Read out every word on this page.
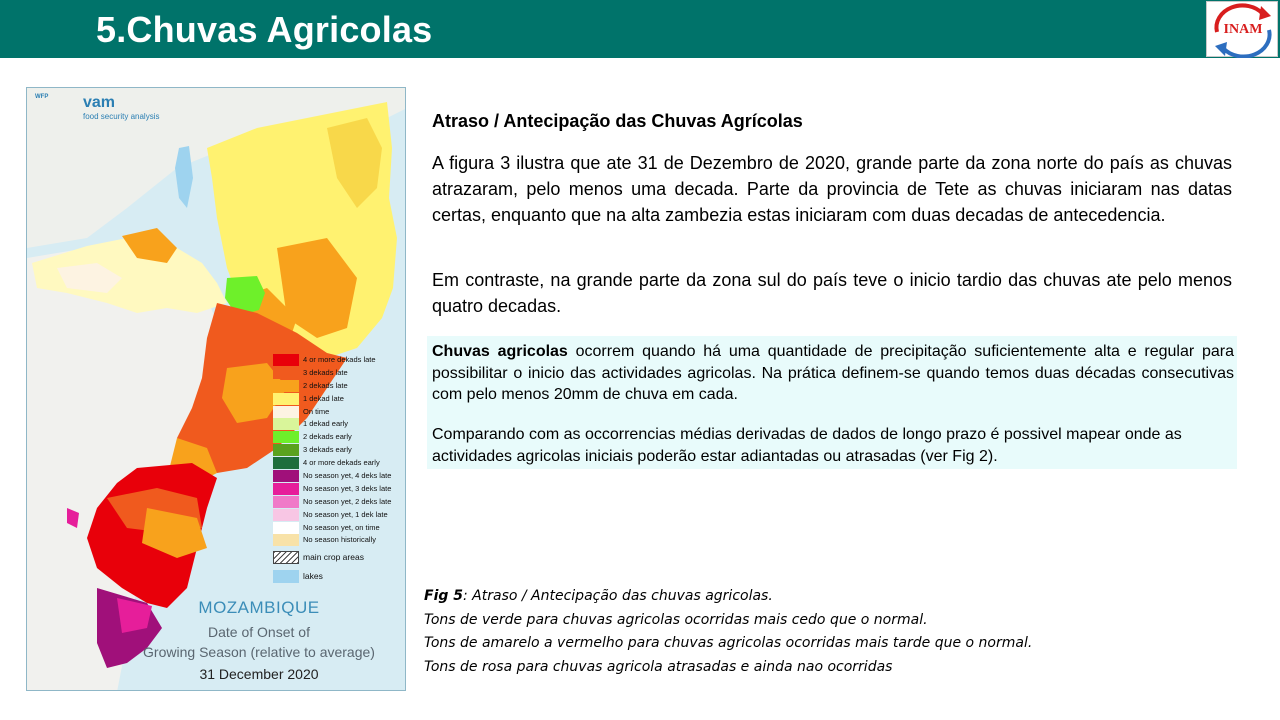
5.Chuvas Agricolas	INAM
WFP vam
food security analysis
4 or more dekads late
3 dekads late
2 dekads late
1 dekad late
On time
1 dekad early
2 dekads early
3 dekads early
4 or more dekads early
No season yet, 4 deks late
No season yet, 3 deks late
No season yet, 2 deks late
No season yet, 1 dek late
No season yet, on time
No season historically
main crop areas
lakes
MOZAMBIQUE
Date of Onset of
Growing Season (relative to average)
31 December 2020
Atraso / Antecipação das Chuvas Agrícolas
A figura 3 ilustra que ate 31 de Dezembro de 2020, grande parte da zona norte do país as chuvas atrazaram, pelo menos uma decada. Parte da provincia de Tete as chuvas iniciaram nas datas certas, enquanto que na alta zambezia estas iniciaram com duas decadas de antecedencia.
Em contraste, na grande parte da zona sul do país teve o inicio tardio das chuvas ate pelo menos quatro decadas.
Chuvas agricolas ocorrem quando há uma quantidade de precipitação suficientemente alta e regular para possibilitar o inicio das actividades agricolas. Na prática definem-se quando temos duas décadas consecutivas com pelo menos 20mm de chuva em cada.
Comparando com as occorrencias médias derivadas de dados de longo prazo é possivel mapear onde as actividades agricolas iniciais poderão estar adiantadas ou atrasadas (ver Fig 2).
Fig 5: Atraso / Antecipação das chuvas agricolas.
Tons de verde para chuvas agricolas ocorridas mais cedo que o normal.
Tons de amarelo a vermelho para chuvas agricolas ocorridas mais tarde que o normal.
Tons de rosa para chuvas agricola atrasadas e ainda nao ocorridas
